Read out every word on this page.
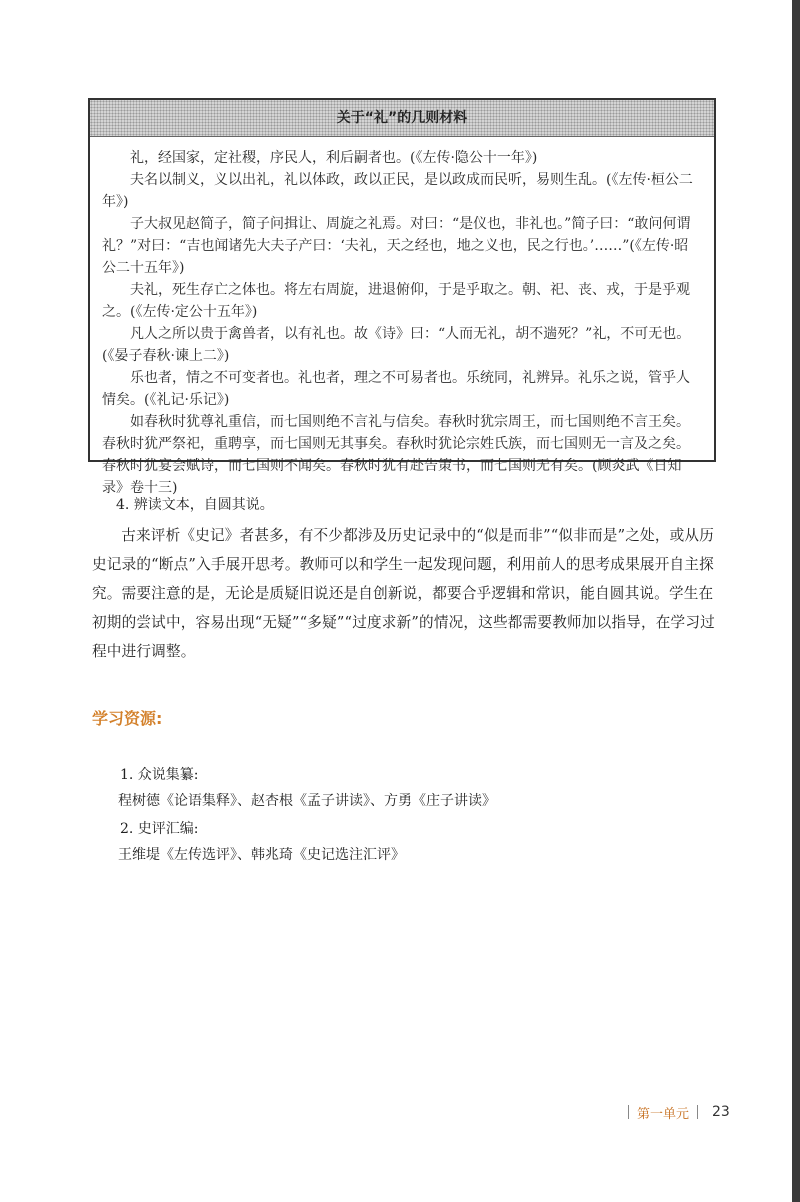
关于“礼”的几则材料

礼，经国家，定社稷，序民人，利后嗣者也。(《左传·隐公十一年》)

夫名以制义，义以出礼，礼以体政，政以正民，是以政成而民听，易则生乱。(《左传·桓公二年》)

子大叔见赵简子，简子问揖让、周旋之礼焉。对曰：“是仪也，非礼也。”简子曰：“敢问何谓礼？”对曰：“吉也闻诸先大夫子产曰：‘夫礼，天之经也，地之义也，民之行也。’……”(《左传·昭公二十五年》)

夫礼，死生存亡之体也。将左右周旋，进退俯仰，于是乎取之。朝、祀、丧、戎，于是乎观之。(《左传·定公十五年》)

凡人之所以贵于禽兽者，以有礼也。故《诗》曰：“人而无礼，胡不遄死？”礼，不可无也。(《晏子春秋·谏上二》)

乐也者，情之不可变者也。礼也者，理之不可易者也。乐统同，礼辨异。礼乐之说，管乎人情矣。(《礼记·乐记》)

如春秋时犹尊礼重信，而七国则绝不言礼与信矣。春秋时犹宗周王，而七国则绝不言王矣。春秋时犹严祭祀，重聘享，而七国则无其事矣。春秋时犹论宗姓氏族，而七国则无一言及之矣。春秋时犹宴会赋诗，而七国则不闻矣。春秋时犹有赴告策书，而七国则无有矣。(顾炎武《日知录》卷十三)

4. 辨读文本，自圆其说。

古来评析《史记》者甚多，有不少都涉及历史记录中的“似是而非”“似非而是”之处，或从历史记录的“断点”入手展开思考。教师可以和学生一起发现问题，利用前人的思考成果展开自主探究。需要注意的是，无论是质疑旧说还是自创新说，都要合乎逻辑和常识，能自圆其说。学生在初期的尝试中，容易出现“无疑”“多疑”“过度求新”的情况，这些都需要教师加以指导，在学习过程中进行调整。

学习资源:

1. 众说集纂:

程树德《论语集释》、赵杏根《孟子讲读》、方勇《庄子讲读》

2. 史评汇编:

王维堤《左传选评》、韩兆琦《史记选注汇评》

第一单元 23
